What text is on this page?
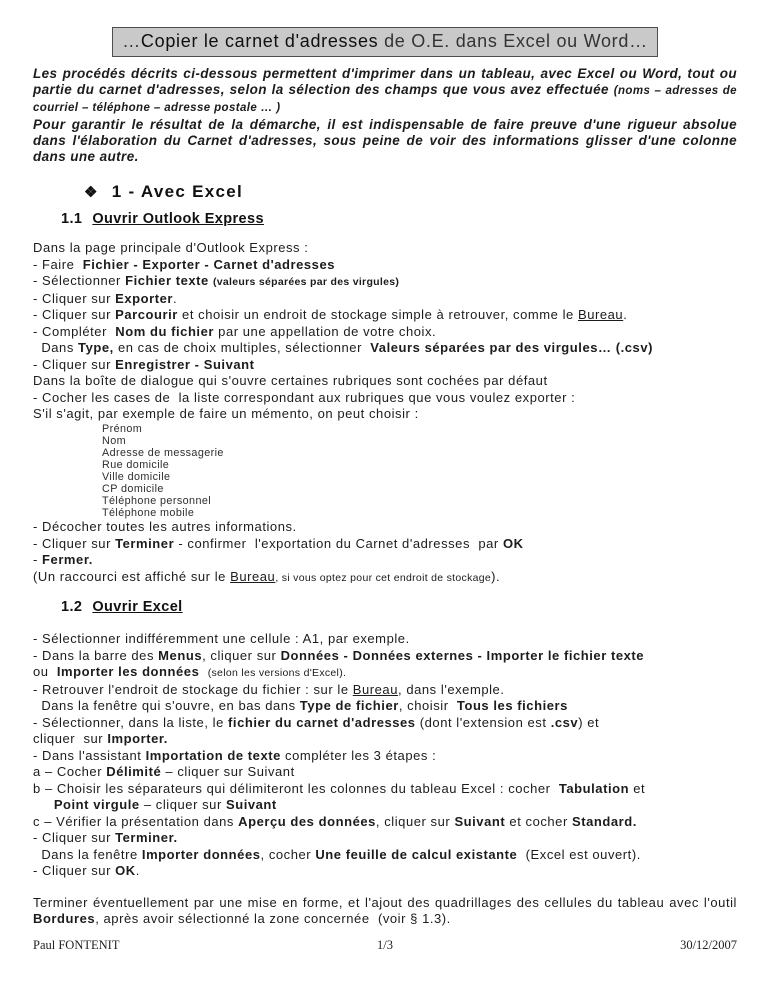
…Copier le carnet d'adresses de O.E. dans Excel ou Word…
Les procédés décrits ci-dessous permettent d'imprimer dans un tableau, avec Excel ou Word, tout ou partie du carnet d'adresses, selon la sélection des champs que vous avez effectuée (noms – adresses de courriel – téléphone – adresse postale … )
Pour garantir le résultat de la démarche, il est indispensable de faire preuve d'une rigueur absolue dans l'élaboration du Carnet d'adresses, sous peine de voir des informations glisser d'une colonne dans une autre.
❖ 1 - Avec Excel
1.1 Ouvrir Outlook Express
Dans la page principale d'Outlook Express :
- Faire  Fichier - Exporter - Carnet d'adresses
- Sélectionner Fichier texte (valeurs séparées par des virgules)
- Cliquer sur Exporter.
- Cliquer sur Parcourir et choisir un endroit de stockage simple à retrouver, comme le Bureau.
- Compléter  Nom du fichier par une appellation de votre choix.
Dans Type, en cas de choix multiples, sélectionner  Valeurs séparées par des virgules… (.csv)
- Cliquer sur Enregistrer - Suivant
Dans la boîte de dialogue qui s'ouvre certaines rubriques sont cochées par défaut
- Cocher les cases de  la liste correspondant aux rubriques que vous voulez exporter :
S'il s'agit, par exemple de faire un mémento, on peut choisir :
Prénom
Nom
Adresse de messagerie
Rue domicile
Ville domicile
CP domicile
Téléphone personnel
Téléphone mobile
- Décocher toutes les autres informations.
- Cliquer sur Terminer - confirmer  l'exportation du Carnet d'adresses  par OK
- Fermer.
(Un raccourci est affiché sur le Bureau, si vous optez pour cet endroit de stockage).
1.2 Ouvrir Excel
- Sélectionner indifféremment une cellule : A1, par exemple.
- Dans la barre des Menus, cliquer sur Données - Données externes - Importer le fichier texte
ou  Importer les données (selon les versions d'Excel).
- Retrouver l'endroit de stockage du fichier : sur le Bureau, dans l'exemple.
Dans la fenêtre qui s'ouvre, en bas dans Type de fichier, choisir  Tous les fichiers
- Sélectionner, dans la liste, le fichier du carnet d'adresses (dont l'extension est .csv) et
cliquer  sur Importer.
- Dans l'assistant Importation de texte compléter les 3 étapes :
a – Cocher Délimité – cliquer sur Suivant
b – Choisir les séparateurs qui délimiteront les colonnes du tableau Excel : cocher  Tabulation et
Point virgule – cliquer sur Suivant
c – Vérifier la présentation dans Aperçu des données, cliquer sur Suivant et cocher Standard.
- Cliquer sur Terminer.
Dans la fenêtre Importer données, cocher Une feuille de calcul existante  (Excel est ouvert).
- Cliquer sur OK.
Terminer éventuellement par une mise en forme, et l'ajout des quadrillages des cellules du tableau avec l'outil Bordures, après avoir sélectionné la zone concernée  (voir § 1.3).
Paul FONTENIT	1/3	30/12/2007
